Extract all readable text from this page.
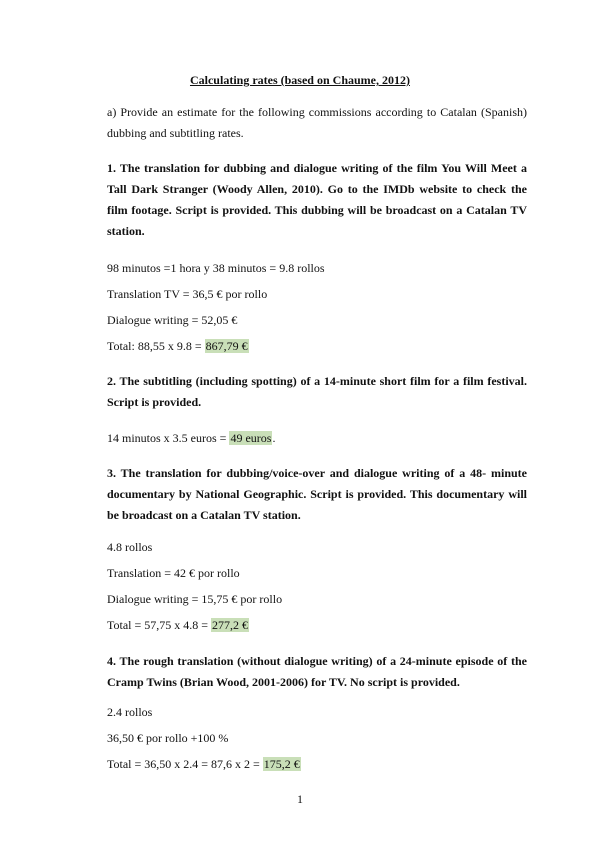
Calculating rates (based on Chaume, 2012)
a) Provide an estimate for the following commissions according to Catalan (Spanish) dubbing and subtitling rates.
1. The translation for dubbing and dialogue writing of the film You Will Meet a Tall Dark Stranger (Woody Allen, 2010). Go to the IMDb website to check the film footage. Script is provided. This dubbing will be broadcast on a Catalan TV station.
98 minutos =1 hora y 38 minutos = 9.8 rollos
Translation TV = 36,5 € por rollo
Dialogue writing = 52,05 €
Total: 88,55 x 9.8 = 867,79 €
2. The subtitling (including spotting) of a 14-minute short film for a film festival. Script is provided.
14 minutos x 3.5 euros = 49 euros.
3. The translation for dubbing/voice-over and dialogue writing of a 48- minute documentary by National Geographic. Script is provided. This documentary will be broadcast on a Catalan TV station.
4.8 rollos
Translation = 42 € por rollo
Dialogue writing = 15,75 € por rollo
Total = 57,75 x 4.8 = 277,2 €
4. The rough translation (without dialogue writing) of a 24-minute episode of the Cramp Twins (Brian Wood, 2001-2006) for TV. No script is provided.
2.4 rollos
36,50 € por rollo +100 %
Total = 36,50 x 2.4 = 87,6 x 2 = 175,2 €
1
